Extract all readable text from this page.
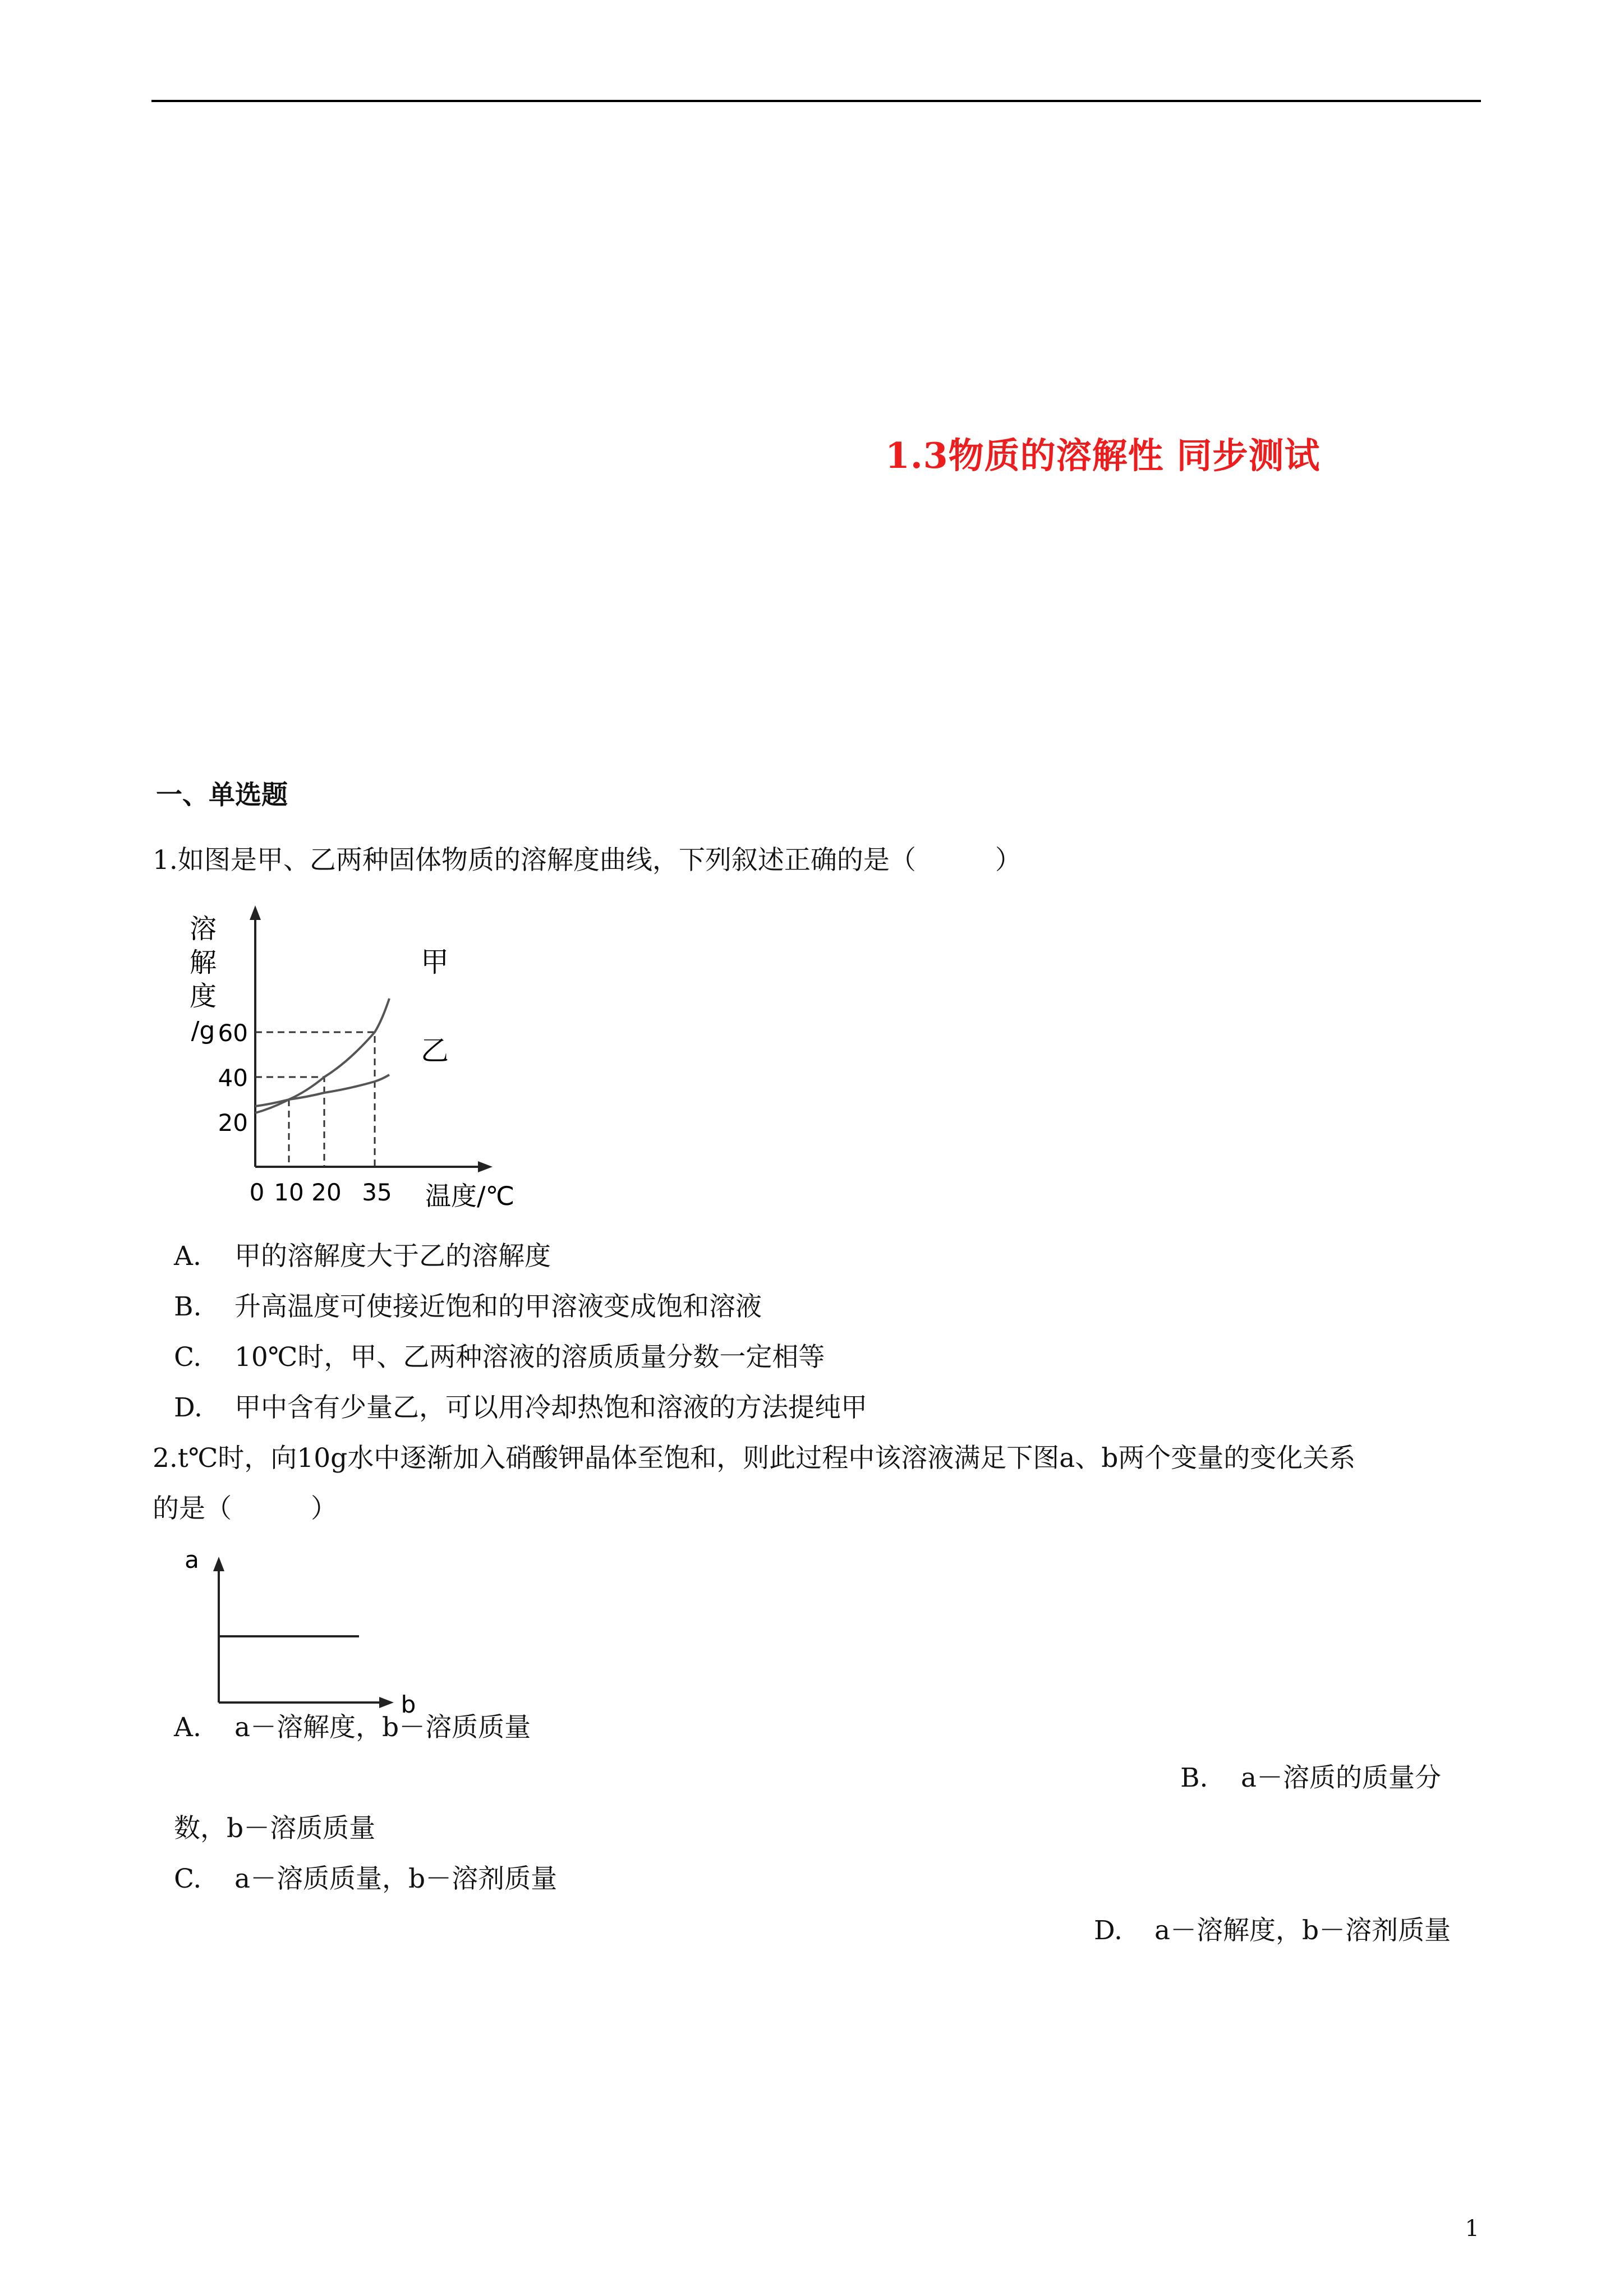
1.3物质的溶解性 同步测试
一、单选题
1.如图是甲、乙两种固体物质的溶解度曲线，下列叙述正确的是（　　　）
溶
解
度
/g 60
40
20
0 10 20 35 温度/℃
甲
乙
A. 甲的溶解度大于乙的溶解度
B. 升高温度可使接近饱和的甲溶液变成饱和溶液
C. 10℃时，甲、乙两种溶液的溶质质量分数一定相等
D. 甲中含有少量乙，可以用冷却热饱和溶液的方法提纯甲
2.t℃时，向10g水中逐渐加入硝酸钾晶体至饱和，则此过程中该溶液满足下图a、b两个变量的变化关系
的是（　　　）
a
b
A. a－溶解度，b－溶质质量
B. a－溶质的质量分
数，b－溶质质量
C. a－溶质质量，b－溶剂质量
D. a－溶解度，b－溶剂质量
1
